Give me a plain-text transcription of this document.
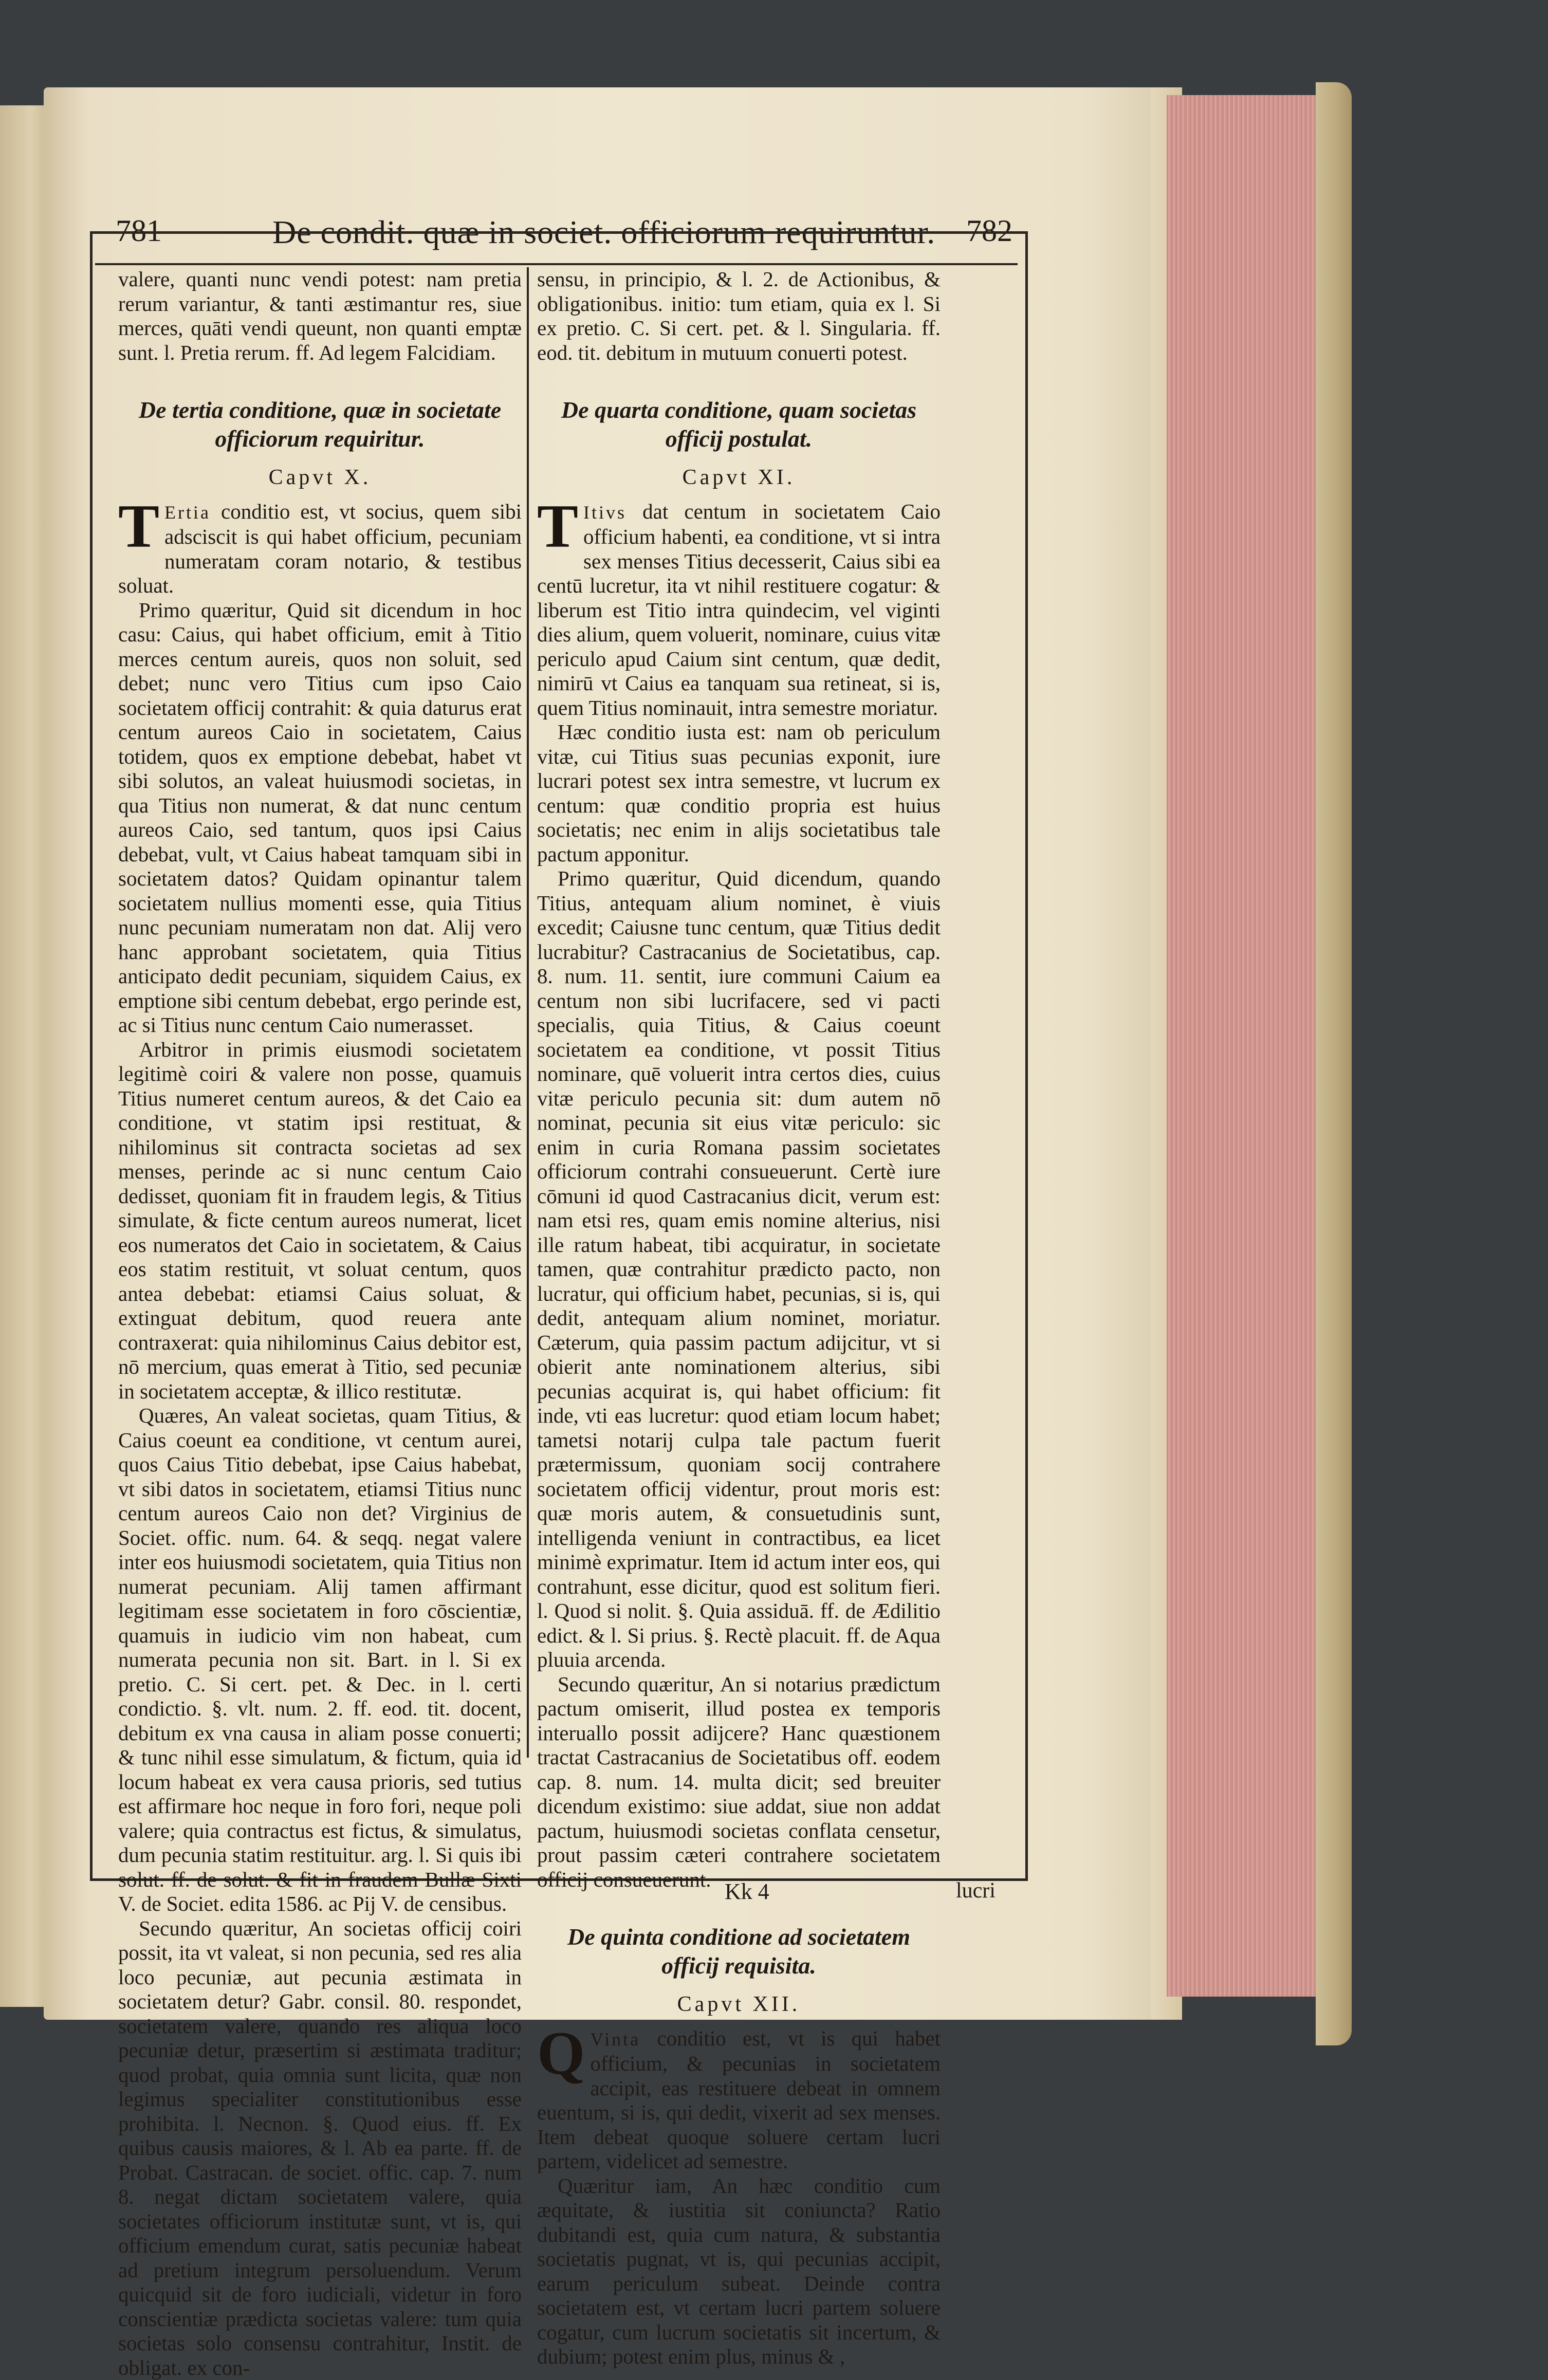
781	De condit. quæ in societ. officiorum requiruntur. 782

valere, quanti nunc vendi potest: nam pretia rerum variantur, & tanti æstimantur res, siue merces, quāti vendi queunt, non quanti emptæ sunt. l. Pretia rerum. ff. Ad legem Falcidiam.

De tertia conditione, quæ in societate officiorum requiritur.
Capvt X.

T Ertia conditio est, vt socius, quem sibi adsciscit is qui habet officium, pecuniam numeratam coram notario, & testibus soluat.

Primo quæritur, Quid sit dicendum in hoc casu: Caius, qui habet officium, emit à Titio merces centum aureis, quos non soluit, sed debet; nunc vero Titius cum ipso Caio societatem officij contrahit: & quia daturus erat centum aureos Caio in societatem, Caius totidem, quos ex emptione debebat, habet vt sibi solutos, an valeat huiusmodi societas, in qua Titius non numerat, & dat nunc centum aureos Caio, sed tantum, quos ipsi Caius debebat, vult, vt Caius habeat tamquam sibi in societatem datos? Quidam opinantur talem societatem nullius momenti esse, quia Titius nunc pecuniam numeratam non dat. Alij vero hanc approbant societatem, quia Titius anticipato dedit pecuniam, siquidem Caius, ex emptione sibi centum debebat, ergo perinde est, ac si Titius nunc centum Caio numerasset.

Arbitror in primis eiusmodi societatem legitimè coiri & valere non posse, quamuis Titius numeret centum aureos, & det Caio ea conditione, vt statim ipsi restituat, & nihilominus sit contracta societas ad sex menses, perinde ac si nunc centum Caio dedisset, quoniam fit in fraudem legis, & Titius simulate, & ficte centum aureos numerat, licet eos numeratos det Caio in societatem, & Caius eos statim restituit, vt soluat centum, quos antea debebat: etiamsi Caius soluat, & extinguat debitum, quod reuera ante contraxerat: quia nihilominus Caius debitor est, nō mercium, quas emerat à Titio, sed pecuniæ in societatem acceptæ, & illico restitutæ.

Quæres, An valeat societas, quam Titius, & Caius coeunt ea conditione, vt centum aurei, quos Caius Titio debebat, ipse Caius habebat, vt sibi datos in societatem, etiamsi Titius nunc centum aureos Caio non det? Virginius de Societ. offic. num. 64. & seqq. negat valere inter eos huiusmodi societatem, quia Titius non numerat pecuniam. Alij tamen affirmant legitimam esse societatem in foro cōscientiæ, quamuis in iudicio vim non habeat, cum numerata pecunia non sit. Bart. in l. Si ex pretio. C. Si cert. pet. & Dec. in l. certi condictio. §. vlt. num. 2. ff. eod. tit. docent, debitum ex vna causa in aliam posse conuerti; & tunc nihil esse simulatum, & fictum, quia id locum habeat ex vera causa prioris, sed tutius est affirmare hoc neque in foro fori, neque poli valere; quia contractus est fictus, & simulatus, dum pecunia statim restituitur. arg. l. Si quis ibi solut. ff. de solut. & fit in fraudem Bullæ Sixti V. de Societ. edita 1586. ac Pij V. de censibus.

Secundo quæritur, An societas officij coiri possit, ita vt valeat, si non pecunia, sed res alia loco pecuniæ, aut pecunia æstimata in societatem detur? Gabr. consil. 80. respondet, societatem valere, quando res aliqua loco pecuniæ detur, præsertim si æstimata traditur; quod probat, quia omnia sunt licita, quæ non legimus specialiter constitutionibus esse prohibita. l. Necnon. §. Quod eius. ff. Ex quibus causis maiores, & l. Ab ea parte. ff. de Probat. Castracan. de societ. offic. cap. 7. num 8. negat dictam societatem valere, quia societates officiorum institutæ sunt, vt is, qui officium emendum curat, satis pecuniæ habeat ad pretium integrum persoluendum. Verum quicquid sit de foro iudiciali, videtur in foro conscientiæ prædicta societas valere: tum quia societas solo consensu contrahitur, Instit. de obligat. ex con-

sensu, in principio, & l. 2. de Actionibus, & obligationibus. initio: tum etiam, quia ex l. Si ex pretio. C. Si cert. pet. & l. Singularia. ff. eod. tit. debitum in mutuum conuerti potest.

De quarta conditione, quam societas officij postulat.
Capvt XI.

T Itivs dat centum in societatem Caio officium habenti, ea conditione, vt si intra sex menses Titius decesserit, Caius sibi ea centū lucretur, ita vt nihil restituere cogatur: & liberum est Titio intra quindecim, vel viginti dies alium, quem voluerit, nominare, cuius vitæ periculo apud Caium sint centum, quæ dedit, nimirū vt Caius ea tanquam sua retineat, si is, quem Titius nominauit, intra semestre moriatur.

Hæc conditio iusta est: nam ob periculum vitæ, cui Titius suas pecunias exponit, iure lucrari potest sex intra semestre, vt lucrum ex centum: quæ conditio propria est huius societatis; nec enim in alijs societatibus tale pactum apponitur.

Primo quæritur, Quid dicendum, quando Titius, antequam alium nominet, è viuis excedit; Caiusne tunc centum, quæ Titius dedit lucrabitur? Castracanius de Societatibus, cap. 8. num. 11. sentit, iure communi Caium ea centum non sibi lucrifacere, sed vi pacti specialis, quia Titius, & Caius coeunt societatem ea conditione, vt possit Titius nominare, quē voluerit intra certos dies, cuius vitæ periculo pecunia sit: dum autem nō nominat, pecunia sit eius vitæ periculo: sic enim in curia Romana passim societates officiorum contrahi consueuerunt. Certè iure cōmuni id quod Castracanius dicit, verum est: nam etsi res, quam emis nomine alterius, nisi ille ratum habeat, tibi acquiratur, in societate tamen, quæ contrahitur prædicto pacto, non lucratur, qui officium habet, pecunias, si is, qui dedit, antequam alium nominet, moriatur. Cæterum, quia passim pactum adijcitur, vt si obierit ante nominationem alterius, sibi pecunias acquirat is, qui habet officium: fit inde, vti eas lucretur: quod etiam locum habet; tametsi notarij culpa tale pactum fuerit prætermissum, quoniam socij contrahere societatem officij videntur, prout moris est: quæ moris autem, & consuetudinis sunt, intelligenda veniunt in contractibus, ea licet minimè exprimatur. Item id actum inter eos, qui contrahunt, esse dicitur, quod est solitum fieri. l. Quod si nolit. §. Quia assiduā. ff. de Ædilitio edict. & l. Si prius. §. Rectè placuit. ff. de Aqua pluuia arcenda.

Secundo quæritur, An si notarius prædictum pactum omiserit, illud postea ex temporis interuallo possit adijcere? Hanc quæstionem tractat Castracanius de Societatibus off. eodem cap. 8. num. 14. multa dicit; sed breuiter dicendum existimo: siue addat, siue non addat pactum, huiusmodi societas conflata censetur, prout passim cæteri contrahere societatem officij consueuerunt.

De quinta conditione ad societatem officij requisita.
Capvt XII.

Q Vinta conditio est, vt is qui habet officium, & pecunias in societatem accipit, eas restituere debeat in omnem euentum, si is, qui dedit, vixerit ad sex menses. Item debeat quoque soluere certam lucri partem, videlicet ad semestre.

Quæritur iam, An hæc conditio cum æquitate, & iustitia sit coniuncta? Ratio dubitandi est, quia cum natura, & substantia societatis pugnat, vt is, qui pecunias accipit, earum periculum subeat. Deinde contra societatem est, vt certam lucri partem soluere cogatur, cum lucrum societatis sit incertum, & dubium; potest enim plus, minus & ,

Kk 4	lucri
